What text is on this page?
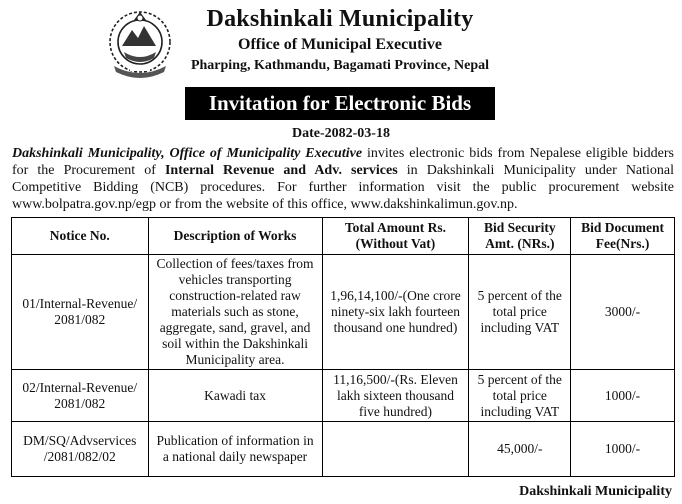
Dakshinkali Municipality
Office of Municipal Executive
Pharping, Kathmandu, Bagamati Province, Nepal
Invitation for Electronic Bids
Date-2082-03-18
Dakshinkali Municipality, Office of Municipality Executive invites electronic bids from Nepalese eligible bidders for the Procurement of Internal Revenue and Adv. services in Dakshinkali Municipality under National Competitive Bidding (NCB) procedures. For further information visit the public procurement website www.bolpatra.gov.np/egp or from the website of this office, www.dakshinkalimun.gov.np.
Notice No.	Description of Works	Total Amount Rs. (Without Vat)	Bid Security Amt. (NRs.)	Bid Document Fee(Nrs.)
01/Internal-Revenue/ 2081/082	Collection of fees/taxes from vehicles transporting construction-related raw materials such as stone, aggregate, sand, gravel, and soil within the Dakshinkali Municipality area.	1,96,14,100/-(One crore ninety-six lakh fourteen thousand one hundred)	5 percent of the total price including VAT	3000/-
02/Internal-Revenue/ 2081/082	Kawadi tax	11,16,500/-(Rs. Eleven lakh sixteen thousand five hundred)	5 percent of the total price including VAT	1000/-
DM/SQ/Advservices /2081/082/02	Publication of information in a national daily newspaper		45,000/-	1000/-
Dakshinkali Municipality
